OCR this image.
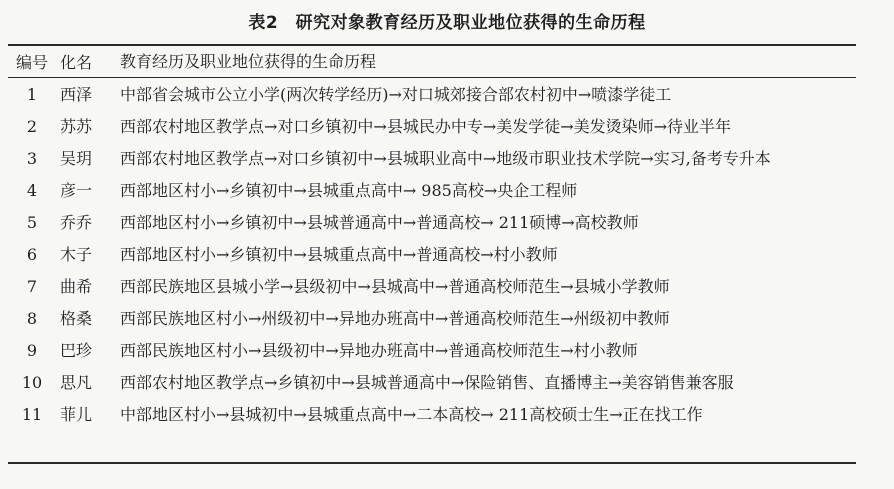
表2　研究对象教育经历及职业地位获得的生命历程
编号 化名	教育经历及职业地位获得的生命历程
1	西泽	中部省会城市公立小学(两次转学经历)→对口城郊接合部农村初中→喷漆学徒工
2	苏苏	西部农村地区教学点→对口乡镇初中→县城民办中专→美发学徒→美发烫染师→待业半年
3	吴玥	西部农村地区教学点→对口乡镇初中→县城职业高中→地级市职业技术学院→实习,备考专升本
4	彦一	西部地区村小→乡镇初中→县城重点高中→ 985高校→央企工程师
5	乔乔	西部地区村小→乡镇初中→县城普通高中→普通高校→ 211硕博→高校教师
6	木子	西部地区村小→乡镇初中→县城重点高中→普通高校→村小教师
7	曲希	西部民族地区县城小学→县级初中→县城高中→普通高校师范生→县城小学教师
8	格桑	西部民族地区村小→州级初中→异地办班高中→普通高校师范生→州级初中教师
9	巴珍	西部民族地区村小→县级初中→异地办班高中→普通高校师范生→村小教师
10	思凡	西部农村地区教学点→乡镇初中→县城普通高中→保险销售、直播博主→美容销售兼客服
11	菲儿	中部地区村小→县城初中→县城重点高中→二本高校→ 211高校硕士生→正在找工作
